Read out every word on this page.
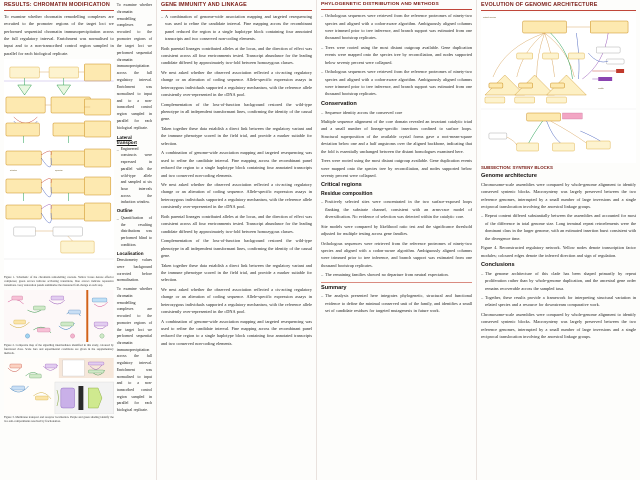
RESULTS: CHROMATIN MODIFICATION
To examine whether chromatin remodelling complexes are recruited to the promoter regions of the target loci we performed sequential chromatin immunoprecipitation across the full regulatory interval. Enrichment was normalised to input and to a non-transcribed control region sampled in parallel for each biological replicate.
activation	repression
Figure 1. Schematic of the chromatin remodelling cascade. Yellow boxes denote effector complexes; green arrows indicate activating transitions, blue arrows indicate repressive transitions. Grey annotation panels summarise the measured fold-change at each step.
Figure 2. Composite map of the signalling intermediates identified in this study, coloured by functional class. Scale bars and experimental conditions are given in the supplementary methods.
Figure 3. Membrane transport and receptor localisation. Purple and green shading identify the two sub-compartments resolved by fractionation.
To examine whether chromatin remodelling complexes are recruited to the promoter regions of the target loci we performed sequential chromatin immunoprecipitation across the full regulatory interval. Enrichment was normalised to input and to a non-transcribed control region sampled in parallel for each biological replicate.
Lateral transport
– Engineered constructs were expressed in parallel with the wild-type allele and sampled at six hour intervals across the induction window.
Outline
– Quantification of the resulting distributions was performed blind to condition.
Localisation
Densitometry values were background corrected before normalisation.
To examine whether chromatin remodelling complexes are recruited to the promoter regions of the target loci we performed sequential chromatin immunoprecipitation across the full regulatory interval. Enrichment was normalised to input and to a non-transcribed control region sampled in parallel for each biological replicate.
GENE IMMUNITY AND LINKAGE
– A combination of genome-wide association mapping and targeted resequencing was used to refine the candidate interval. Fine mapping across the recombinant panel reduced the region to a single haplotype block containing four annotated transcripts and two conserved non-coding elements.
Both parental lineages contributed alleles at the locus, and the direction of effect was consistent across all four environments tested. Transcript abundance for the leading candidate differed by approximately two-fold between homozygous classes.
We next asked whether the observed association reflected a cis-acting regulatory change or an alteration of coding sequence. Allele-specific expression assays in heterozygous individuals supported a regulatory mechanism, with the reference allele consistently over-represented in the cDNA pool.
Complementation of the loss-of-function background restored the wild-type phenotype in all independent transformant lines, confirming the identity of the causal gene.
Taken together these data establish a direct link between the regulatory variant and the immune phenotype scored in the field trial, and provide a marker suitable for selection.
A combination of genome-wide association mapping and targeted resequencing was used to refine the candidate interval. Fine mapping across the recombinant panel reduced the region to a single haplotype block containing four annotated transcripts and two conserved non-coding elements.
We next asked whether the observed association reflected a cis-acting regulatory change or an alteration of coding sequence. Allele-specific expression assays in heterozygous individuals supported a regulatory mechanism, with the reference allele consistently over-represented in the cDNA pool.
Both parental lineages contributed alleles at the locus, and the direction of effect was consistent across all four environments tested. Transcript abundance for the leading candidate differed by approximately two-fold between homozygous classes.
Complementation of the loss-of-function background restored the wild-type phenotype in all independent transformant lines, confirming the identity of the causal gene.
Taken together these data establish a direct link between the regulatory variant and the immune phenotype scored in the field trial, and provide a marker suitable for selection.
We next asked whether the observed association reflected a cis-acting regulatory change or an alteration of coding sequence. Allele-specific expression assays in heterozygous individuals supported a regulatory mechanism, with the reference allele consistently over-represented in the cDNA pool.
A combination of genome-wide association mapping and targeted resequencing was used to refine the candidate interval. Fine mapping across the recombinant panel reduced the region to a single haplotype block containing four annotated transcripts and two conserved non-coding elements.
PHYLOGENETIC DISTRIBUTION AND METHODS
– Orthologous sequences were retrieved from the reference proteomes of ninety-two species and aligned with a codon-aware algorithm. Ambiguously aligned columns were trimmed prior to tree inference, and branch support was estimated from one thousand bootstrap replicates.
– Trees were rooted using the most distant outgroup available. Gene duplication events were mapped onto the species tree by reconciliation, and nodes supported below seventy percent were collapsed.
– Orthologous sequences were retrieved from the reference proteomes of ninety-two species and aligned with a codon-aware algorithm. Ambiguously aligned columns were trimmed prior to tree inference, and branch support was estimated from one thousand bootstrap replicates.
Conservation
– Sequence identity across the conserved core
Multiple sequence alignment of the core domain revealed an invariant catalytic triad and a small number of lineage-specific insertions confined to surface loops. Structural superposition of the available crystal forms gave a root-mean-square deviation below one and a half angstroms over the aligned backbone, indicating that the fold is essentially unchanged between the distant homologues examined here.
Trees were rooted using the most distant outgroup available. Gene duplication events were mapped onto the species tree by reconciliation, and nodes supported below seventy percent were collapsed.
Critical regions
Residue composition
– Positively selected sites were concentrated in the two surface-exposed loops flanking the substrate channel, consistent with an arms-race model of diversification. No evidence of selection was detected within the catalytic core.
Site models were compared by likelihood ratio test and the significance threshold adjusted for multiple testing across gene families.
Orthologous sequences were retrieved from the reference proteomes of ninety-two species and aligned with a codon-aware algorithm. Ambiguously aligned columns were trimmed prior to tree inference, and branch support was estimated from one thousand bootstrap replicates.
– The remaining families showed no departure from neutral expectation.
Summary
– The analysis presented here integrates phylogenetic, structural and functional evidence to define the minimal conserved unit of the family, and identifies a small set of candidate residues for targeted mutagenesis in future work.
EVOLUTION OF GENOMIC ARCHITECTURE
network overview
module
SUBSECTION: SYNTENY BLOCKS
Genome architecture
Chromosome-scale assemblies were compared by whole-genome alignment to identify conserved syntenic blocks. Macrosynteny was largely preserved between the two reference genomes, interrupted by a small number of large inversions and a single reciprocal translocation involving the ancestral linkage groups.
– Repeat content differed substantially between the assemblies and accounted for most of the difference in total genome size. Long terminal repeat retroelements were the dominant class in the larger genome, with an estimated insertion burst consistent with the divergence time.
Figure 4. Reconstructed regulatory network. Yellow nodes denote transcription factor modules; coloured edges denote the inferred direction and sign of regulation.
Conclusions
– The genome architecture of this clade has been shaped primarily by repeat proliferation rather than by whole-genome duplication, and the ancestral gene order remains recoverable across the sampled taxa.
– Together, these results provide a framework for interpreting structural variation in related species and a resource for downstream comparative work.
Chromosome-scale assemblies were compared by whole-genome alignment to identify conserved syntenic blocks. Macrosynteny was largely preserved between the two reference genomes, interrupted by a small number of large inversions and a single reciprocal translocation involving the ancestral linkage groups.
